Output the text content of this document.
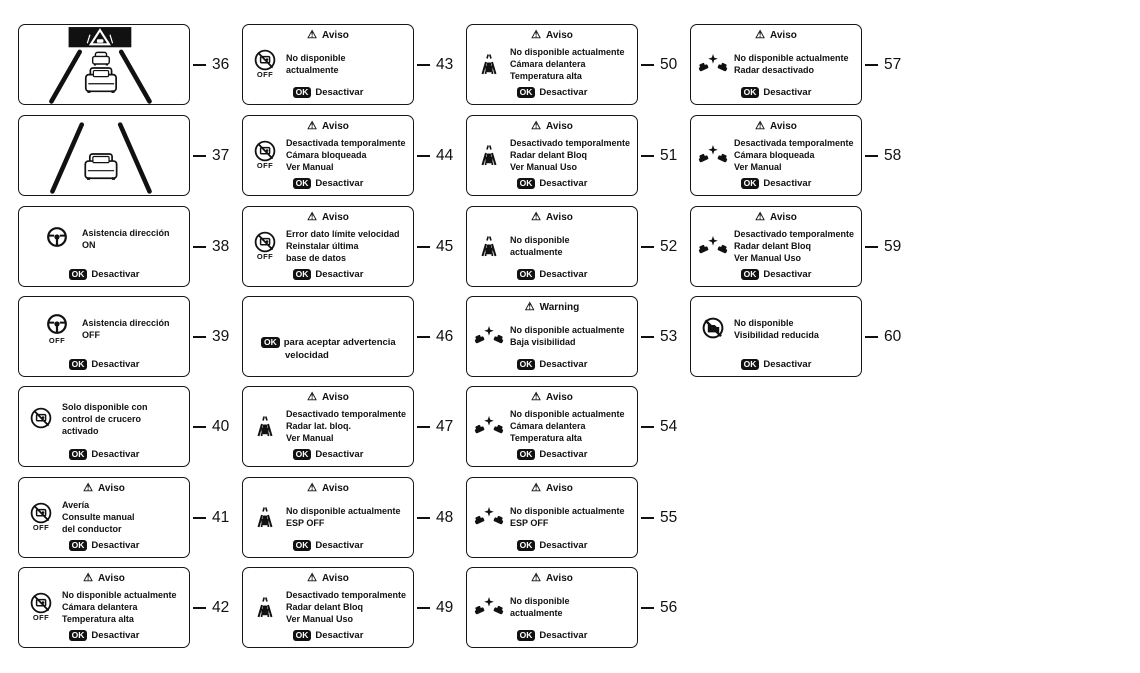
36
37
Asistencia dirección
ON
OK Desactivar
38
OFF
Asistencia dirección
OFF
OK Desactivar
39
Solo disponible con
control de crucero
activado
OK Desactivar
40
⚠ Aviso
OFF
Avería
Consulte manual
del conductor
OK Desactivar
41
⚠ Aviso
OFF
No disponible actualmente
Cámara delantera
Temperatura alta
OK Desactivar
42
⚠ Aviso
OFF
No disponible
actualmente
OK Desactivar
43
⚠ Aviso
OFF
Desactivada temporalmente
Cámara bloqueada
Ver Manual
OK Desactivar
44
⚠ Aviso
OFF
Error dato límite velocidad
Reinstalar última
base de datos
OK Desactivar
45
OK para aceptar advertencia
velocidad
46
⚠ Aviso
Desactivado temporalmente
Radar lat. bloq.
Ver Manual
OK Desactivar
47
⚠ Aviso
No disponible actualmente
ESP OFF
OK Desactivar
48
⚠ Aviso
Desactivado temporalmente
Radar delant Bloq
Ver Manual Uso
OK Desactivar
49
⚠ Aviso
No disponible actualmente
Cámara delantera
Temperatura alta
OK Desactivar
50
⚠ Aviso
Desactivado temporalmente
Radar delant Bloq
Ver Manual Uso
OK Desactivar
51
⚠ Aviso
No disponible
actualmente
OK Desactivar
52
⚠ Warning
No disponible actualmente
Baja visibilidad
OK Desactivar
53
⚠ Aviso
No disponible actualmente
Cámara delantera
Temperatura alta
OK Desactivar
54
⚠ Aviso
No disponible actualmente
ESP OFF
OK Desactivar
55
⚠ Aviso
No disponible
actualmente
OK Desactivar
56
⚠ Aviso
No disponible actualmente
Radar desactivado
OK Desactivar
57
⚠ Aviso
Desactivada temporalmente
Cámara bloqueada
Ver Manual
OK Desactivar
58
⚠ Aviso
Desactivado temporalmente
Radar delant Bloq
Ver Manual Uso
OK Desactivar
59
No disponible
Visibilidad reducida
OK Desactivar
60
